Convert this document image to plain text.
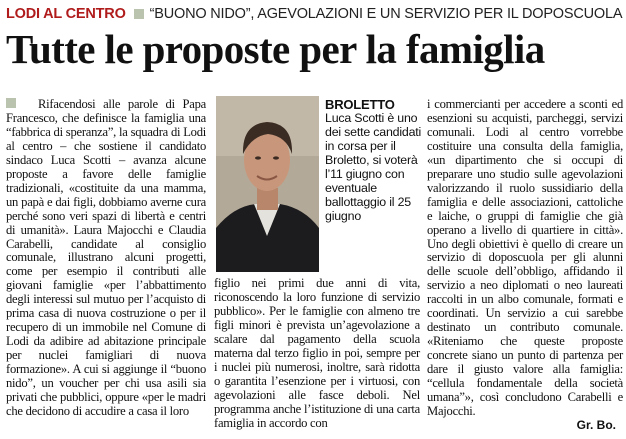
LODI AL CENTRO “BUONO NIDO”, AGEVOLAZIONI E UN SERVIZIO PER IL DOPOSCUOLA
Tutte le proposte per la famiglia
Rifacendosi alle parole di Papa Francesco, che definisce la famiglia una “fabbrica di speranza”, la squadra di Lodi al centro – che sostiene il candidato sindaco Luca Scotti – avanza alcune proposte a favore delle famiglie tradizionali, «costituite da una mamma, un papà e dai figli, dobbiamo averne cura perché sono veri spazi di libertà e centri di umanità». Laura Majocchi e Claudia Carabelli, candidate al consiglio comunale, illustrano alcuni progetti, come per esempio il contributi alle giovani famiglie «per l’abbattimento degli interessi sul mutuo per l’acquisto di prima casa di nuova costruzione o per il recupero di un immobile nel Comune di Lodi da adibire ad abitazione principale per nuclei famigliari di nuova formazione». A cui si aggiunge il “buono nido”, un voucher per chi usa asili sia privati che pubblici, oppure «per le madri che decidono di accudire a casa il loro
BROLETTO
Luca Scotti è uno dei sette candidati in corsa per il Broletto, si voterà l’11 giugno con eventuale ballottaggio il 25 giugno
figlio nei primi due anni di vita, riconoscendo la loro funzione di servizio pubblico». Per le famiglie con almeno tre figli minori è prevista un’agevolazione a scalare dal pagamento della scuola materna dal terzo figlio in poi, sempre per i nuclei più numerosi, inoltre, sarà ridotta o garantita l’esenzione per i virtuosi, con agevolazioni alle fasce deboli. Nel programma anche l’istituzione di una carta famiglia in accordo con
i commercianti per accedere a sconti ed esenzioni su acquisti, parcheggi, servizi comunali. Lodi al centro vorrebbe costituire una consulta della famiglia, «un dipartimento che si occupi di preparare uno studio sulle agevolazioni valorizzando il ruolo sussidiario della famiglia e delle associazioni, cattoliche e laiche, o gruppi di famiglie che già operano a livello di quartiere in città». Uno degli obiettivi è quello di creare un servizio di doposcuola per gli alunni delle scuole dell’obbligo, affidando il servizio a neo diplomati o neo laureati raccolti in un albo comunale, formati e coordinati. Un servizio a cui sarebbe destinato un contributo comunale. «Riteniamo che queste proposte concrete siano un punto di partenza per dare il giusto valore alla famiglia: “cellula fondamentale della società umana”», così concludono Carabelli e Majocchi.
Gr. Bo.
